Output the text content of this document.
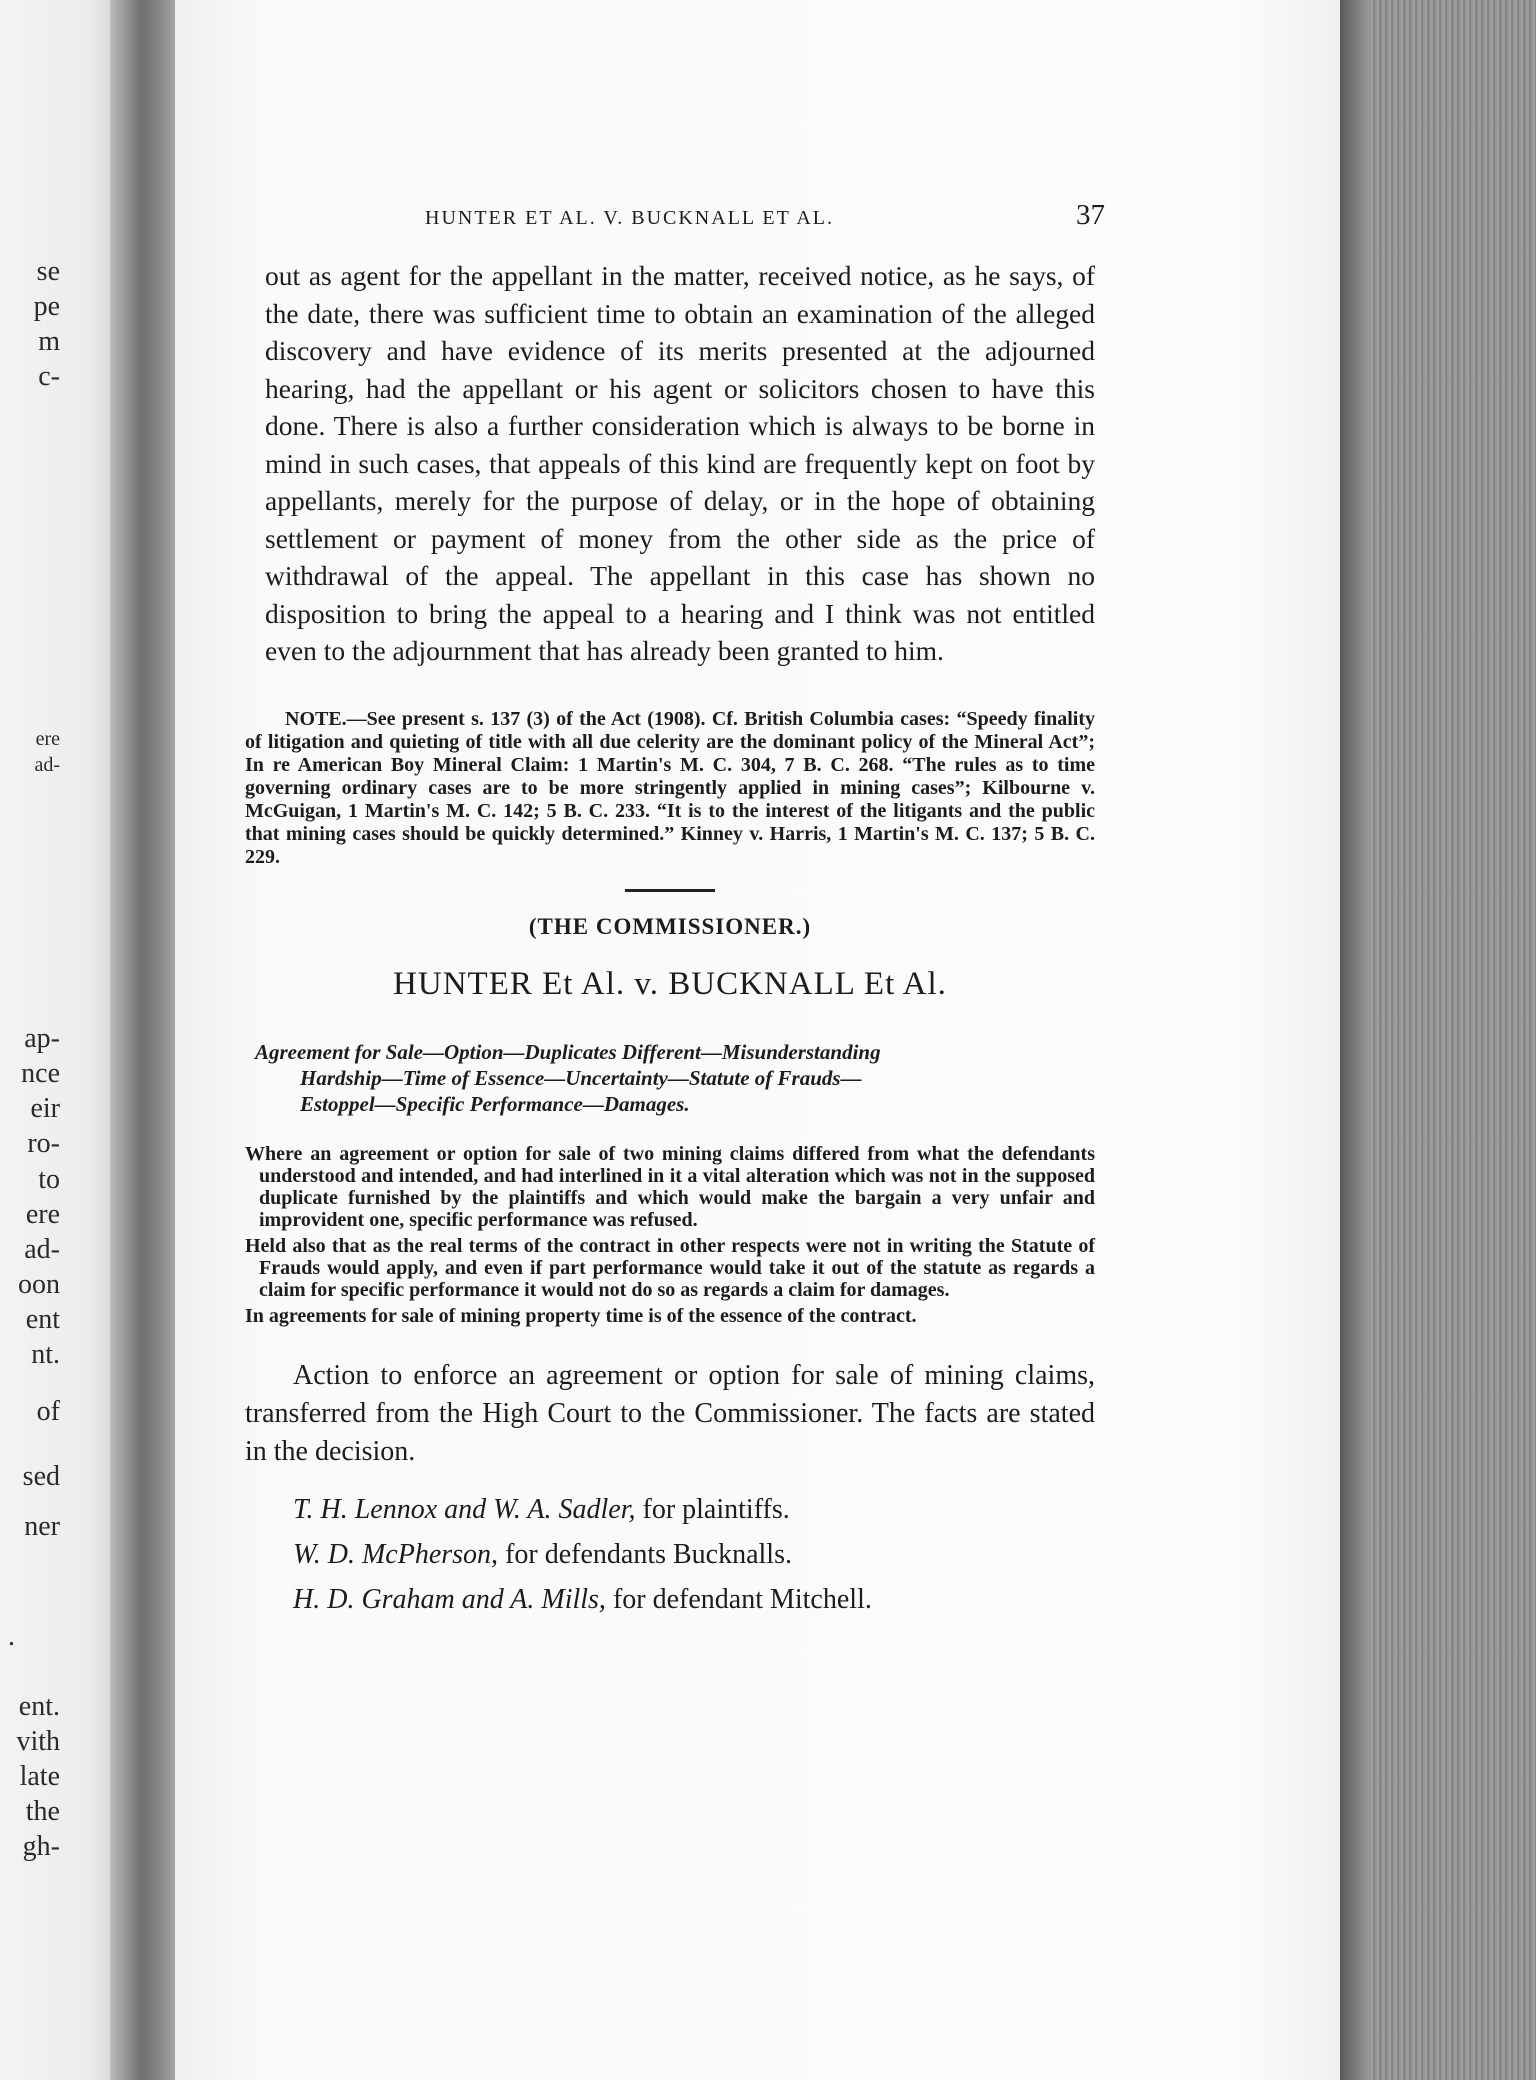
se
pe
m
c-
ere
ad-
ap-
nce
eir
ro-
to
ere
ad-
oon
ent
nt.
of
sed
ner
.
ent.
vith
late
the
gh-
HUNTER ET AL. V. BUCKNALL ET AL.	37

out as agent for the appellant in the matter, received notice, as he says, of the date, there was sufficient time to obtain an examination of the alleged discovery and have evidence of its merits presented at the adjourned hearing, had the appellant or his agent or solicitors chosen to have this done. There is also a further consideration which is always to be borne in mind in such cases, that appeals of this kind are frequently kept on foot by appellants, merely for the purpose of delay, or in the hope of obtaining settlement or payment of money from the other side as the price of withdrawal of the appeal. The appellant in this case has shown no disposition to bring the appeal to a hearing and I think was not entitled even to the adjournment that has already been granted to him.

NOTE.—See present s. 137 (3) of the Act (1908). Cf. British Columbia cases: “Speedy finality of litigation and quieting of title with all due celerity are the dominant policy of the Mineral Act”; In re American Boy Mineral Claim: 1 Martin's M. C. 304, 7 B. C. 268. “The rules as to time governing ordinary cases are to be more stringently applied in mining cases”; Kilbourne v. McGuigan, 1 Martin's M. C. 142; 5 B. C. 233. “It is to the interest of the litigants and the public that mining cases should be quickly determined.” Kinney v. Harris, 1 Martin's M. C. 137; 5 B. C. 229.

(THE COMMISSIONER.)
HUNTER Et Al. v. BUCKNALL Et Al.
Agreement for Sale—Option—Duplicates Different—Misunderstanding
Hardship—Time of Essence—Uncertainty—Statute of Frauds—
Estoppel—Specific Performance—Damages.

Where an agreement or option for sale of two mining claims differed from what the defendants understood and intended, and had interlined in it a vital alteration which was not in the supposed duplicate furnished by the plaintiffs and which would make the bargain a very unfair and improvident one, specific performance was refused.

Held also that as the real terms of the contract in other respects were not in writing the Statute of Frauds would apply, and even if part performance would take it out of the statute as regards a claim for specific performance it would not do so as regards a claim for damages.

In agreements for sale of mining property time is of the essence of the contract.

Action to enforce an agreement or option for sale of mining claims, transferred from the High Court to the Commissioner. The facts are stated in the decision.

T. H. Lennox and W. A. Sadler, for plaintiffs.

W. D. McPherson, for defendants Bucknalls.

H. D. Graham and A. Mills, for defendant Mitchell.
